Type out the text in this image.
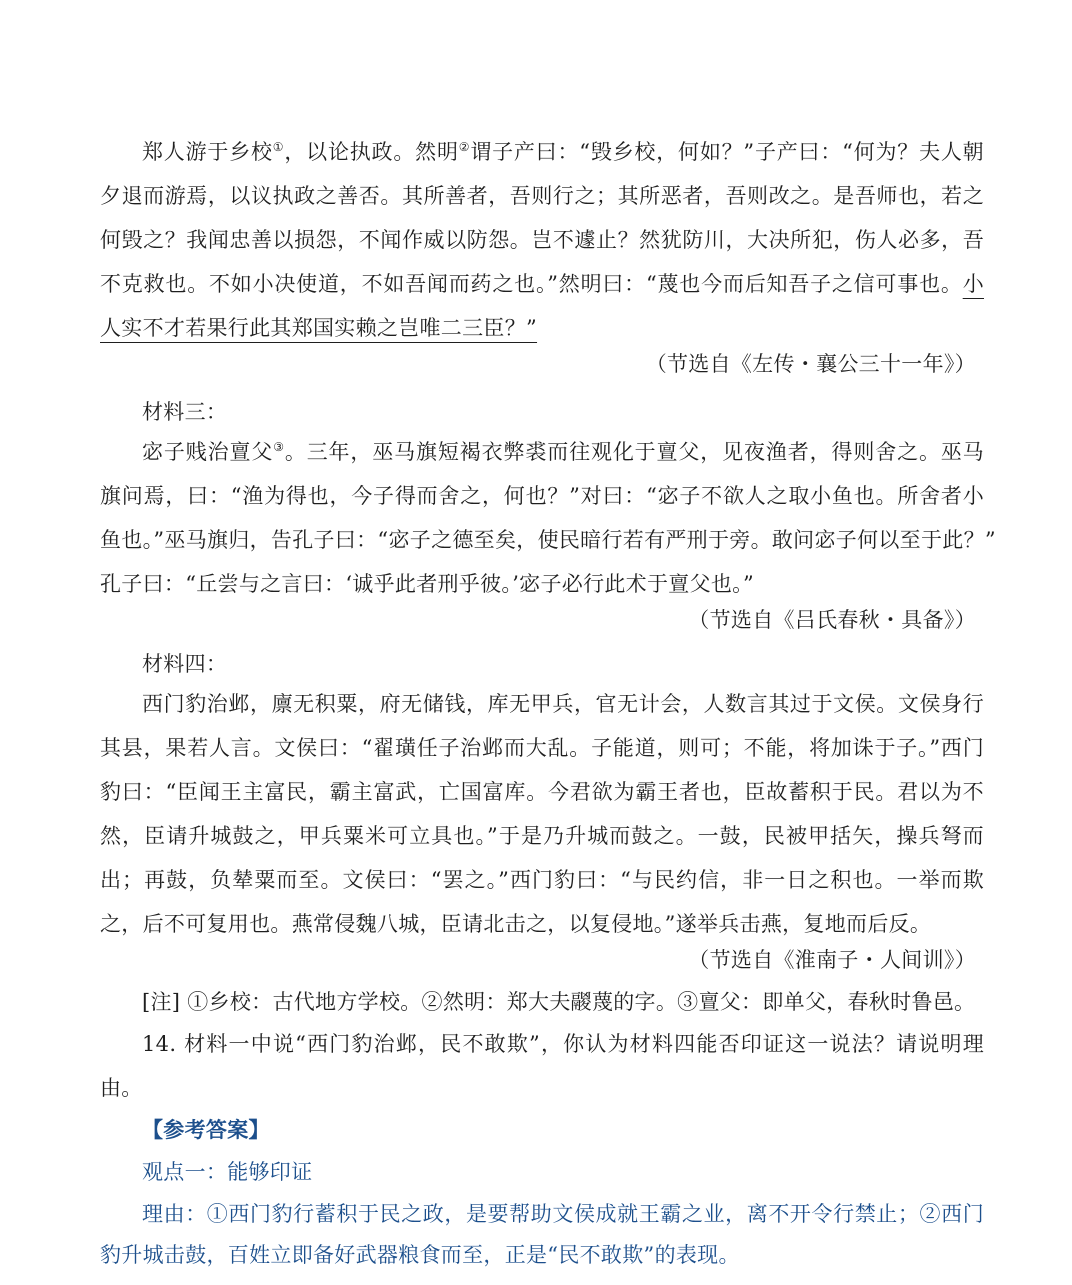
郑人游于乡校①，以论执政。然明②谓子产曰：“毁乡校，何如？”子产曰：“何为？夫人朝
夕退而游焉，以议执政之善否。其所善者，吾则行之；其所恶者，吾则改之。是吾师也，若之
何毁之？我闻忠善以损怨，不闻作威以防怨。岂不遽止？然犹防川，大决所犯，伤人必多，吾
不克救也。不如小决使道，不如吾闻而药之也。”然明曰：“蔑也今而后知吾子之信可事也。小
人实不才若果行此其郑国实赖之岂唯二三臣？”
（节选自《左传・襄公三十一年》）
材料三：
宓子贱治亶父③。三年，巫马旗短褐衣弊裘而往观化于亶父，见夜渔者，得则舍之。巫马
旗问焉，曰：“渔为得也，今子得而舍之，何也？”对曰：“宓子不欲人之取小鱼也。所舍者小
鱼也。”巫马旗归，告孔子曰：“宓子之德至矣，使民暗行若有严刑于旁。敢问宓子何以至于此？”
孔子曰：“丘尝与之言曰：‘诚乎此者刑乎彼。’宓子必行此术于亶父也。”
（节选自《吕氏春秋・具备》）
材料四：
西门豹治邺，廪无积粟，府无储钱，库无甲兵，官无计会，人数言其过于文侯。文侯身行
其县，果若人言。文侯曰：“翟璜任子治邺而大乱。子能道，则可；不能，将加诛于子。”西门
豹曰：“臣闻王主富民，霸主富武，亡国富库。今君欲为霸王者也，臣故蓄积于民。君以为不
然，臣请升城鼓之，甲兵粟米可立具也。”于是乃升城而鼓之。一鼓，民被甲括矢，操兵弩而
出；再鼓，负辇粟而至。文侯曰：“罢之。”西门豹曰：“与民约信，非一日之积也。一举而欺
之，后不可复用也。燕常侵魏八城，臣请北击之，以复侵地。”遂举兵击燕，复地而后反。
（节选自《淮南子・人间训》）
[注] ①乡校：古代地方学校。②然明：郑大夫鬷蔑的字。③亶父：即单父，春秋时鲁邑。
14. 材料一中说“西门豹治邺，民不敢欺”，你认为材料四能否印证这一说法？请说明理
由。
【参考答案】
观点一：能够印证
理由：①西门豹行蓄积于民之政，是要帮助文侯成就王霸之业，离不开令行禁止；②西门
豹升城击鼓，百姓立即备好武器粮食而至，正是“民不敢欺”的表现。
